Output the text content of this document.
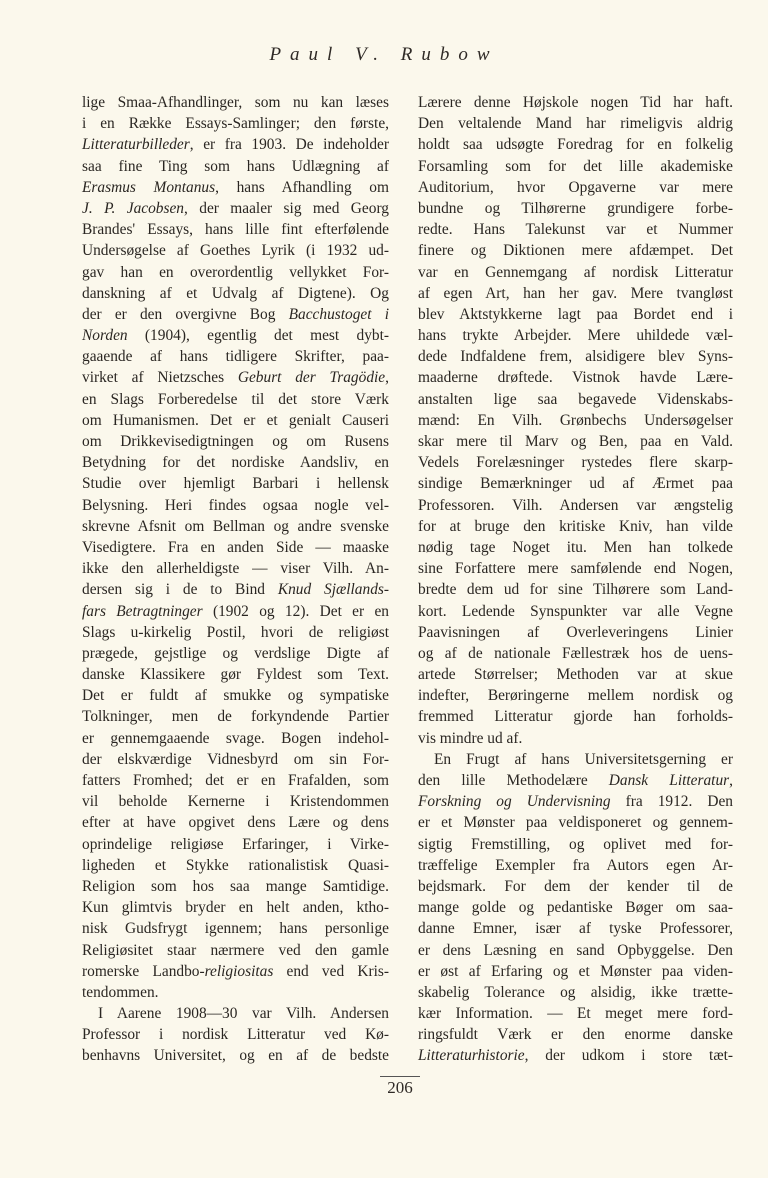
Paul V. Rubow
lige Smaa-Afhandlinger, som nu kan læses
i en Række Essays-Samlinger; den første,
Litteraturbilleder, er fra 1903. De indeholder
saa fine Ting som hans Udlægning af
Erasmus Montanus, hans Afhandling om
J. P. Jacobsen, der maaler sig med Georg
Brandes' Essays, hans lille fint efterfølende
Undersøgelse af Goethes Lyrik (i 1932 ud-
gav han en overordentlig vellykket For-
danskning af et Udvalg af Digtene). Og
der er den overgivne Bog Bacchustoget i
Norden (1904), egentlig det mest dybt-
gaaende af hans tidligere Skrifter, paa-
virket af Nietzsches Geburt der Tragödie,
en Slags Forberedelse til det store Værk
om Humanismen. Det er et genialt Causeri
om Drikkevisedigtningen og om Rusens
Betydning for det nordiske Aandsliv, en
Studie over hjemligt Barbari i hellensk
Belysning. Heri findes ogsaa nogle vel-
skrevne Afsnit om Bellman og andre svenske
Visedigtere. Fra en anden Side — maaske
ikke den allerheldigste — viser Vilh. An-
dersen sig i de to Bind Knud Sjællands-
fars Betragtninger (1902 og 12). Det er en
Slags u-kirkelig Postil, hvori de religiøst
prægede, gejstlige og verdslige Digte af
danske Klassikere gør Fyldest som Text.
Det er fuldt af smukke og sympatiske
Tolkninger, men de forkyndende Partier
er gennemgaaende svage. Bogen indehol-
der elskværdige Vidnesbyrd om sin For-
fatters Fromhed; det er en Frafalden, som
vil beholde Kernerne i Kristendommen
efter at have opgivet dens Lære og dens
oprindelige religiøse Erfaringer, i Virke-
ligheden et Stykke rationalistisk Quasi-
Religion som hos saa mange Samtidige.
Kun glimtvis bryder en helt anden, ktho-
nisk Gudsfrygt igennem; hans personlige
Religiøsitet staar nærmere ved den gamle
romerske Landbo-religiositas end ved Kris-
tendommen.
I Aarene 1908—30 var Vilh. Andersen
Professor i nordisk Litteratur ved Kø-
benhavns Universitet, og en af de bedste
Lærere denne Højskole nogen Tid har haft.
Den veltalende Mand har rimeligvis aldrig
holdt saa udsøgte Foredrag for en folkelig
Forsamling som for det lille akademiske
Auditorium, hvor Opgaverne var mere
bundne og Tilhørerne grundigere forbe-
redte. Hans Talekunst var et Nummer
finere og Diktionen mere afdæmpet. Det
var en Gennemgang af nordisk Litteratur
af egen Art, han her gav. Mere tvangløst
blev Aktstykkerne lagt paa Bordet end i
hans trykte Arbejder. Mere uhildede væl-
dede Indfaldene frem, alsidigere blev Syns-
maaderne drøftede. Vistnok havde Lære-
anstalten lige saa begavede Videnskabs-
mænd: En Vilh. Grønbechs Undersøgelser
skar mere til Marv og Ben, paa en Vald.
Vedels Forelæsninger rystedes flere skarp-
sindige Bemærkninger ud af Ærmet paa
Professoren. Vilh. Andersen var ængstelig
for at bruge den kritiske Kniv, han vilde
nødig tage Noget itu. Men han tolkede
sine Forfattere mere samfølende end Nogen,
bredte dem ud for sine Tilhørere som Land-
kort. Ledende Synspunkter var alle Vegne
Paavisningen af Overleveringens Linier
og af de nationale Fællestræk hos de uens-
artede Størrelser; Methoden var at skue
indefter, Berøringerne mellem nordisk og
fremmed Litteratur gjorde han forholds-
vis mindre ud af.
En Frugt af hans Universitetsgerning er
den lille Methodelære Dansk Litteratur,
Forskning og Undervisning fra 1912. Den
er et Mønster paa veldisponeret og gennem-
sigtig Fremstilling, og oplivet med for-
træffelige Exempler fra Autors egen Ar-
bejdsmark. For dem der kender til de
mange golde og pedantiske Bøger om saa-
danne Emner, især af tyske Professorer,
er dens Læsning en sand Opbyggelse. Den
er øst af Erfaring og et Mønster paa viden-
skabelig Tolerance og alsidig, ikke trætte-
kær Information. — Et meget mere ford-
ringsfuldt Værk er den enorme danske
Litteraturhistorie, der udkom i store tæt-
206
